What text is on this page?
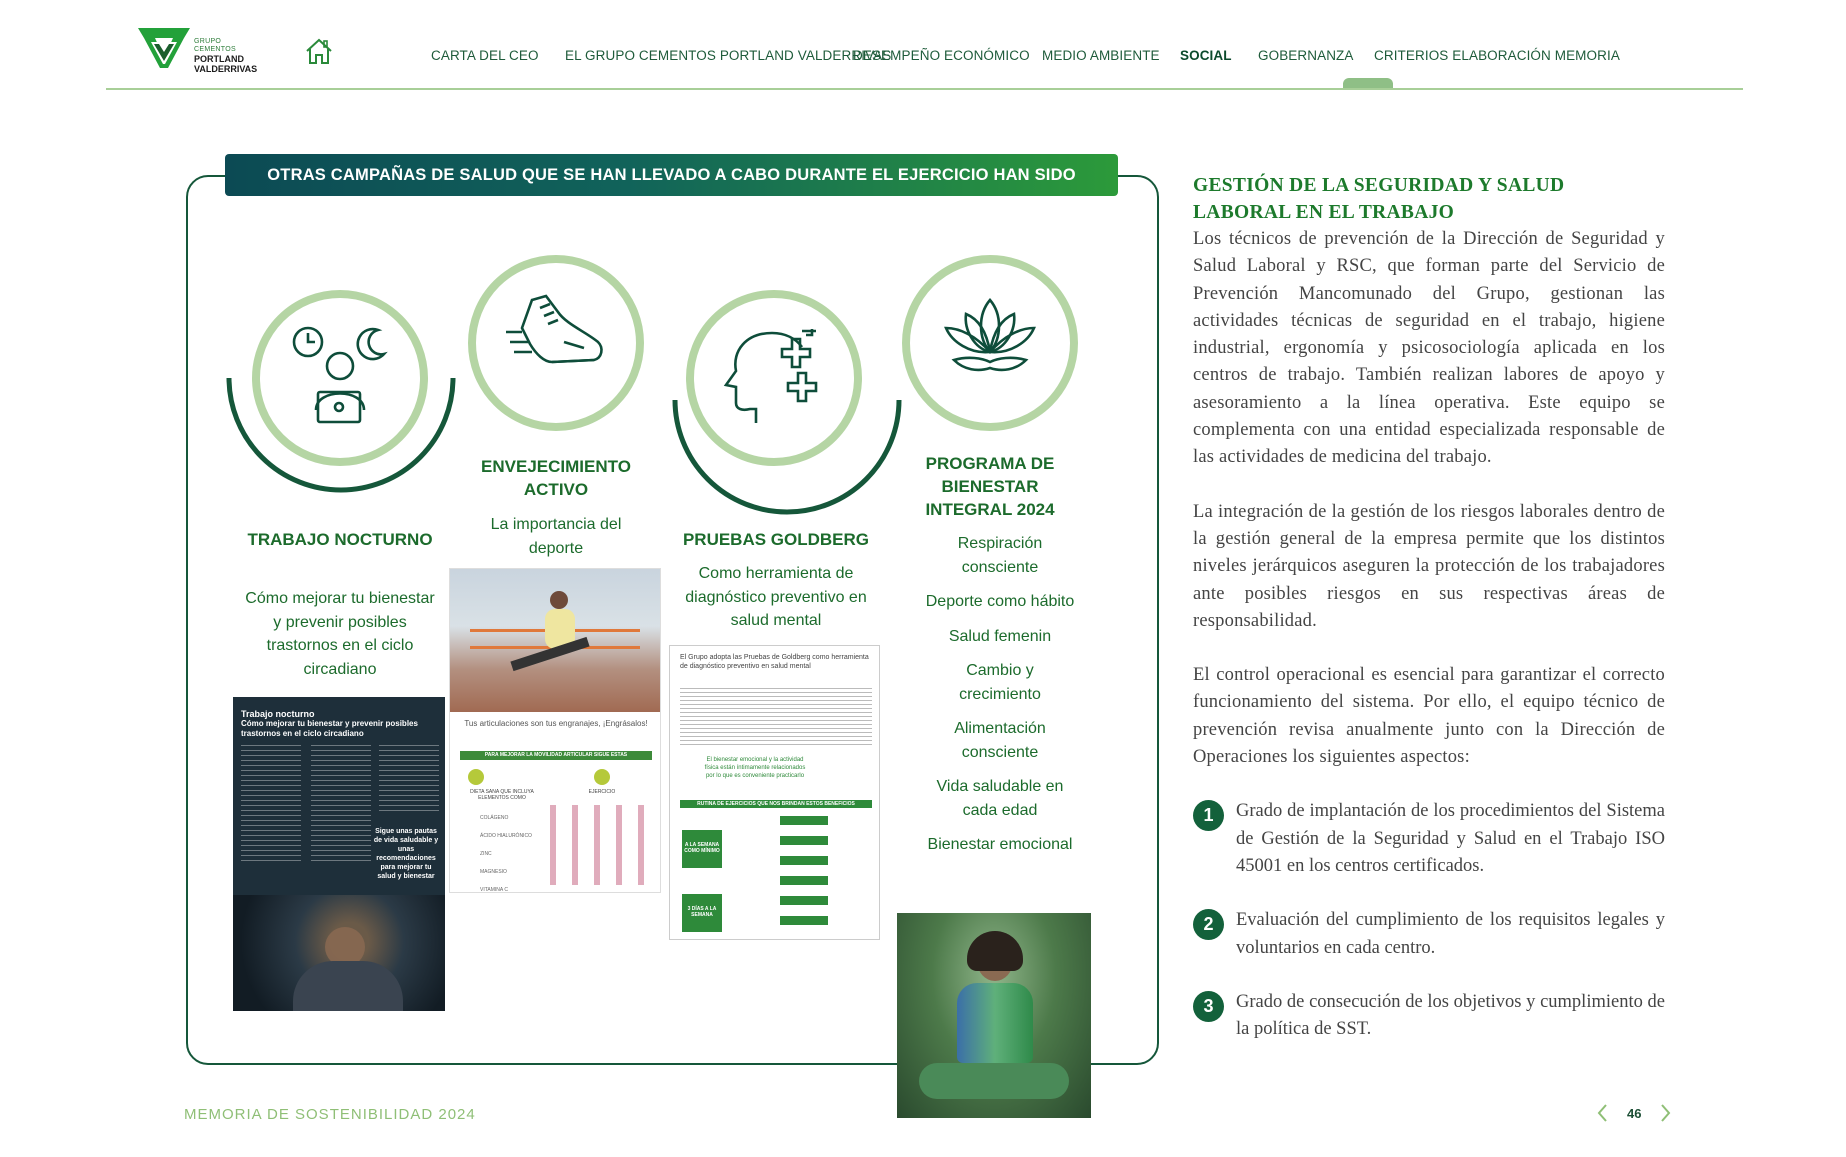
GRUPO
CEMENTOS
PORTLAND
VALDERRIVAS
CARTA DEL CEO EL GRUPO CEMENTOS PORTLAND VALDERRIVAS
DESEMPEÑO ECONÓMICO MEDIO AMBIENTE SOCIAL GOBERNANZA CRITERIOS ELABORACIÓN MEMORIA
OTRAS CAMPAÑAS DE SALUD QUE SE HAN LLEVADO A CABO DURANTE EL EJERCICIO HAN SIDO
TRABAJO NOCTURNO
Cómo mejorar tu bienestar y prevenir posibles trastornos en el ciclo circadiano
ENVEJECIMIENTO ACTIVO
La importancia del deporte	PRUEBAS GOLDBERG
Como herramienta de diagnóstico preventivo en salud mental
PROGRAMA DE BIENESTAR INTEGRAL 2024
Respiración consciente
Deporte como hábito
Salud femenin
Cambio y crecimiento
Alimentación consciente
Vida saludable en cada edad
Bienestar emocional
Trabajo nocturno
Cómo mejorar tu bienestar y prevenir posibles trastornos en el ciclo circadiano
Sigue unas pautas de vida saludable y unas recomendaciones para mejorar tu salud y bienestar
Tus articulaciones son tus engranajes, ¡Engrásalos!
PARA MEJORAR LA MOVILIDAD ARTICULAR SIGUE ESTAS RECOMENDACIONES
DIETA SANA QUE INCLUYA ELEMENTOS COMO
EJERCICIO
COLÁGENO
ÁCIDO HIALURÓNICO
ZINC
MAGNESIO
VITAMINA C
El Grupo adopta las Pruebas de Goldberg como herramienta de diagnóstico preventivo en salud mental
El bienestar emocional y la actividad física están íntimamente relacionados por lo que es conveniente practicarlo
RUTINA DE EJERCICIOS QUE NOS BRINDAN ESTOS BENEFICIOS
A LA SEMANA COMO MÍNIMO
3 DÍAS A LA SEMANA
GESTIÓN DE LA SEGURIDAD Y SALUD LABORAL EN EL TRABAJO
Los técnicos de prevención de la Dirección de Seguridad y Salud Laboral y RSC, que forman parte del Servicio de Prevención Mancomunado del Grupo, gestionan las actividades técnicas de seguridad en el trabajo, higiene industrial, ergonomía y psicosociología aplicada en los centros de trabajo. También realizan labores de apoyo y asesoramiento a la línea operativa. Este equipo se complementa con una entidad especializada responsable de las actividades de medicina del trabajo.
La integración de la gestión de los riesgos laborales dentro de la gestión general de la empresa permite que los distintos niveles jerárquicos aseguren la protección de los trabajadores ante posibles riesgos en sus respectivas áreas de responsabilidad.
El control operacional es esencial para garantizar el correcto funcionamiento del sistema. Por ello, el equipo técnico de prevención revisa anualmente junto con la Dirección de Operaciones los siguientes aspectos:
1	Grado de implantación de los procedimientos del Sistema de Gestión de la Seguridad y Salud en el Trabajo ISO 45001 en los centros certificados.
2	Evaluación del cumplimiento de los requisitos legales y voluntarios en cada centro.
3	Grado de consecución de los objetivos y cumplimiento de la política de SST.
MEMORIA DE SOSTENIBILIDAD 2024	46
